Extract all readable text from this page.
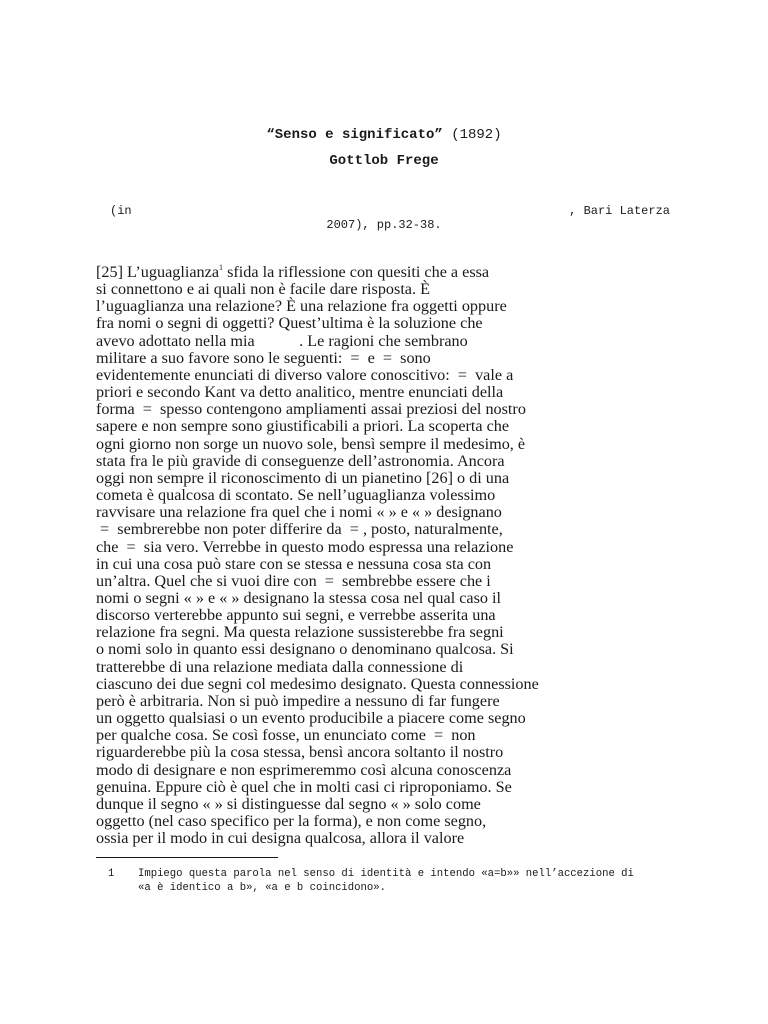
“Senso e significato” (1892)
Gottlob Frege
(in	, Bari Laterza
2007), pp.32-38.
[25] L’uguaglianza$^1$ sfida la riflessione con quesiti che a essa
si connettono e ai quali non è facile dare risposta. È
l’uguaglianza una relazione? È una relazione fra oggetti oppure
fra nomi o segni di oggetti? Quest’ultima è la soluzione che
avevo adottato nella mia           . Le ragioni che sembrano
militare a suo favore sono le seguenti:  =  e  =  sono
evidentemente enunciati di diverso valore conoscitivo:  =  vale a
priori e secondo Kant va detto analitico, mentre enunciati della
forma  =  spesso contengono ampliamenti assai preziosi del nostro
sapere e non sempre sono giustificabili a priori. La scoperta che
ogni giorno non sorge un nuovo sole, bensì sempre il medesimo, è
stata fra le più gravide di conseguenze dell’astronomia. Ancora
oggi non sempre il riconoscimento di un pianetino [26] o di una
cometa è qualcosa di scontato. Se nell’uguaglianza volessimo
ravvisare una relazione fra quel che i nomi « » e « » designano
=  sembrerebbe non poter differire da  = , posto, naturalmente,
che  =  sia vero. Verrebbe in questo modo espressa una relazione
in cui una cosa può stare con se stessa e nessuna cosa sta con
un’altra. Quel che si vuoi dire con  =  sembrebbe essere che i
nomi o segni « » e « » designano la stessa cosa nel qual caso il
discorso verterebbe appunto sui segni, e verrebbe asserita una
relazione fra segni. Ma questa relazione sussisterebbe fra segni
o nomi solo in quanto essi designano o denominano qualcosa. Si
tratterebbe di una relazione mediata dalla connessione di
ciascuno dei due segni col medesimo designato. Questa connessione
però è arbitraria. Non si può impedire a nessuno di far fungere
un oggetto qualsiasi o un evento producibile a piacere come segno
per qualche cosa. Se così fosse, un enunciato come  =  non
riguarderebbe più la cosa stessa, bensì ancora soltanto il nostro
modo di designare e non esprimeremmo così alcuna conoscenza
genuina. Eppure ciò è quel che in molti casi ci riproponiamo. Se
dunque il segno « » si distinguesse dal segno « » solo come
oggetto (nel caso specifico per la forma), e non come segno,
ossia per il modo in cui designa qualcosa, allora il valore
1 Impiego questa parola nel senso di identità e intendo «a=b»» nell’accezione di
«a è identico a b», «a e b coincidono».
